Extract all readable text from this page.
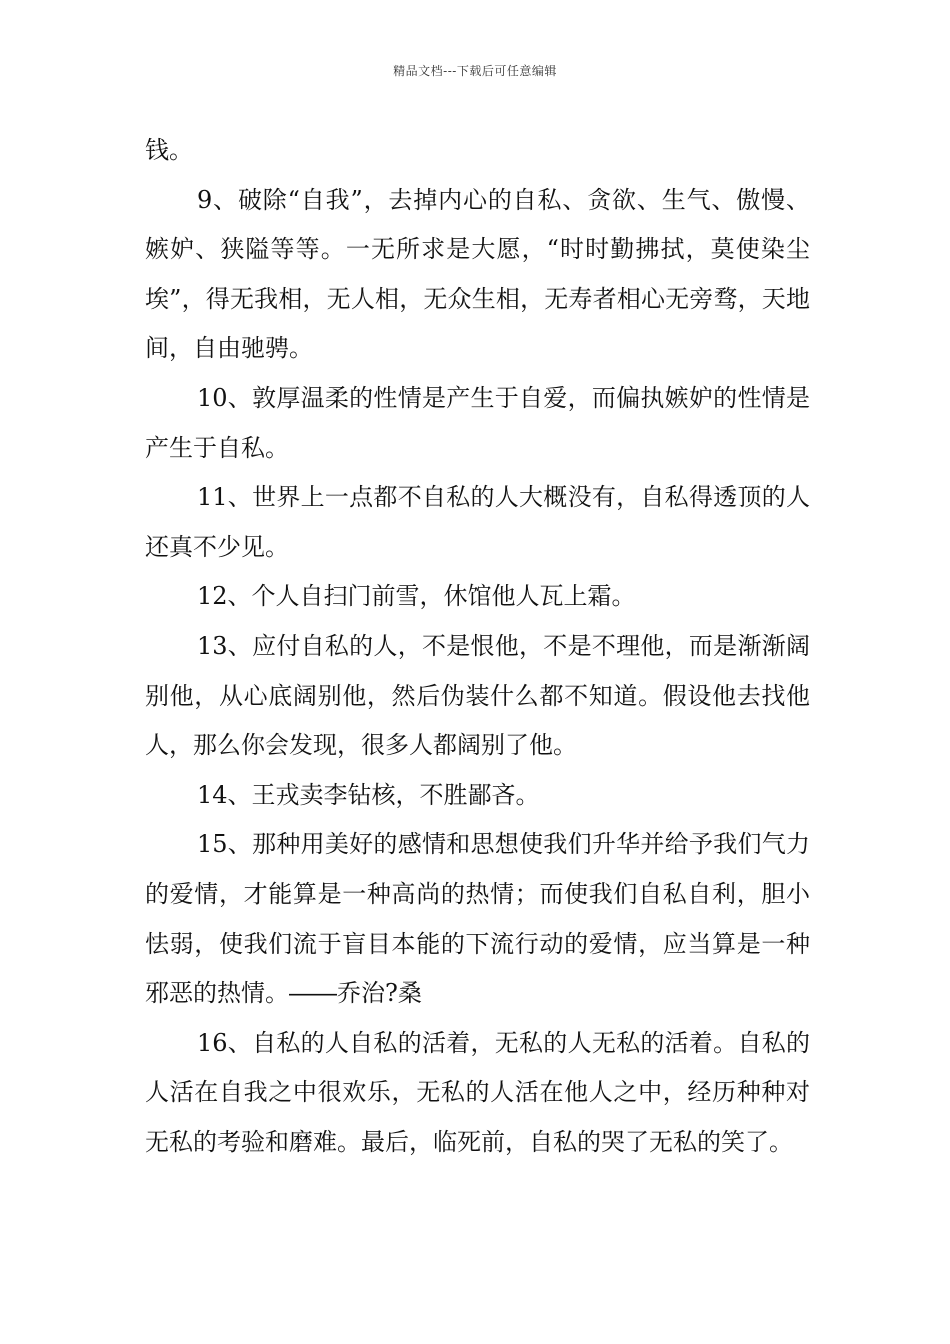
精品文档---下载后可任意编辑

钱。

9、破除“自我”，去掉内心的自私、贪欲、生气、傲慢、嫉妒、狭隘等等。一无所求是大愿，“时时勤拂拭，莫使染尘埃”，得无我相，无人相，无众生相，无寿者相心无旁骛，天地间，自由驰骋。

10、敦厚温柔的性情是产生于自爱，而偏执嫉妒的性情是产生于自私。

11、世界上一点都不自私的人大概没有，自私得透顶的人还真不少见。

12、个人自扫门前雪，休馆他人瓦上霜。

13、应付自私的人，不是恨他，不是不理他，而是渐渐阔别他，从心底阔别他，然后伪装什么都不知道。假设他去找他人，那么你会发现，很多人都阔别了他。

14、王戎卖李钻核，不胜鄙吝。

15、那种用美好的感情和思想使我们升华并给予我们气力的爱情，才能算是一种高尚的热情；而使我们自私自利，胆小怯弱，使我们流于盲目本能的下流行动的爱情，应当算是一种邪恶的热情。――乔治?桑

16、自私的人自私的活着，无私的人无私的活着。自私的人活在自我之中很欢乐，无私的人活在他人之中，经历种种对无私的考验和磨难。最后，临死前，自私的哭了无私的笑了。
